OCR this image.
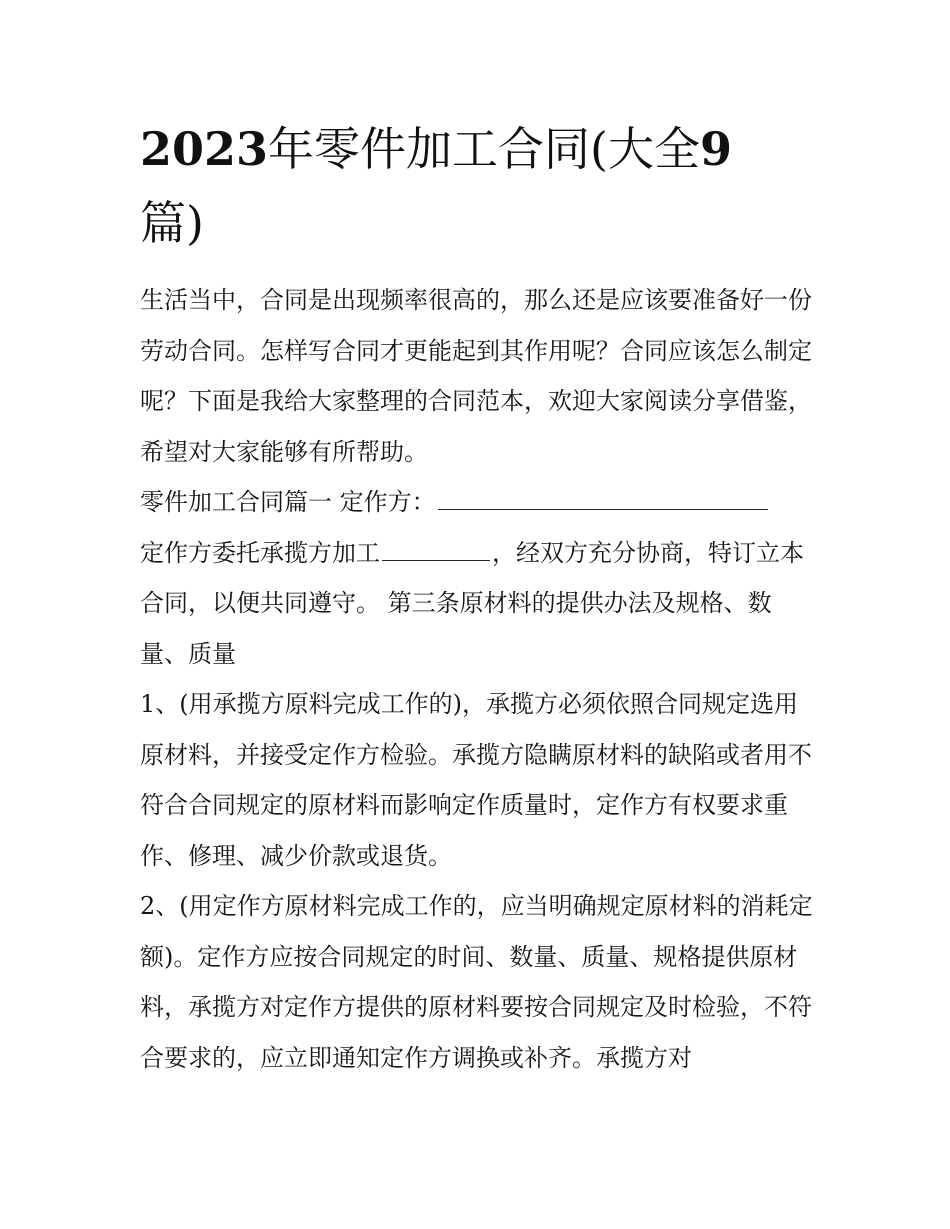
2023年零件加工合同(大全9
篇)

生活当中，合同是出现频率很高的，那么还是应该要准备好一份劳动合同。怎样写合同才更能起到其作用呢？合同应该怎么制定呢？下面是我给大家整理的合同范本，欢迎大家阅读分享借鉴，希望对大家能够有所帮助。

零件加工合同篇一 定作方：

定作方委托承揽方加工	，经双方充分协商，特订立本合同，以便共同遵守。 第三条原材料的提供办法及规格、数量、质量

1、(用承揽方原料完成工作的)，承揽方必须依照合同规定选用原材料，并接受定作方检验。承揽方隐瞒原材料的缺陷或者用不符合合同规定的原材料而影响定作质量时，定作方有权要求重作、修理、减少价款或退货。

2、(用定作方原材料完成工作的，应当明确规定原材料的消耗定额)。定作方应按合同规定的时间、数量、质量、规格提供原材料，承揽方对定作方提供的原材料要按合同规定及时检验，不符合要求的，应立即通知定作方调换或补齐。承揽方对
